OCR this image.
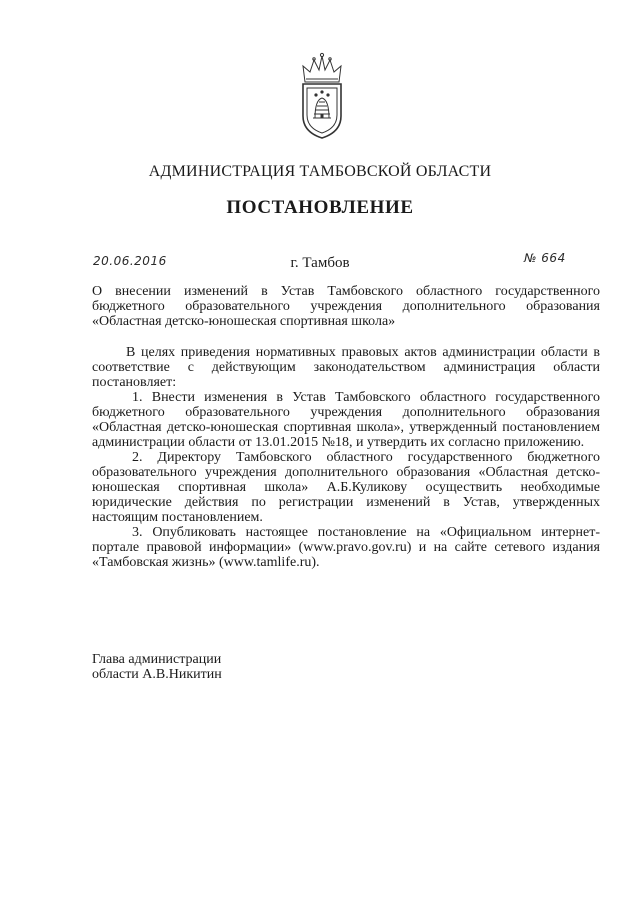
АДМИНИСТРАЦИЯ ТАМБОВСКОЙ ОБЛАСТИ
ПОСТАНОВЛЕНИЕ
20.06.2016	г. Тамбов	№ 664
О внесении изменений в Устав Тамбовского областного государственного бюджетного образовательного учреждения дополнительного образования «Областная детско-юношеская спортивная школа»

В целях приведения нормативных правовых актов администрации области в соответствие с действующим законодательством администрация области постановляет:

1. Внести изменения в Устав Тамбовского областного государственного бюджетного образовательного учреждения дополнительного образования «Областная детско-юношеская спортивная школа», утвержденный постановлением администрации области от 13.01.2015 №18, и утвердить их согласно приложению.

2. Директору Тамбовского областного государственного бюджетного образовательного учреждения дополнительного образования «Областная детско-юношеская спортивная школа» А.Б.Куликову осуществить необходимые юридические действия по регистрации изменений в Устав, утвержденных настоящим постановлением.

3. Опубликовать настоящее постановление на «Официальном интернет-портале правовой информации» (www.pravo.gov.ru) и на сайте сетевого издания «Тамбовская жизнь» (www.tamlife.ru).

Глава администрации
области А.В.Никитин
